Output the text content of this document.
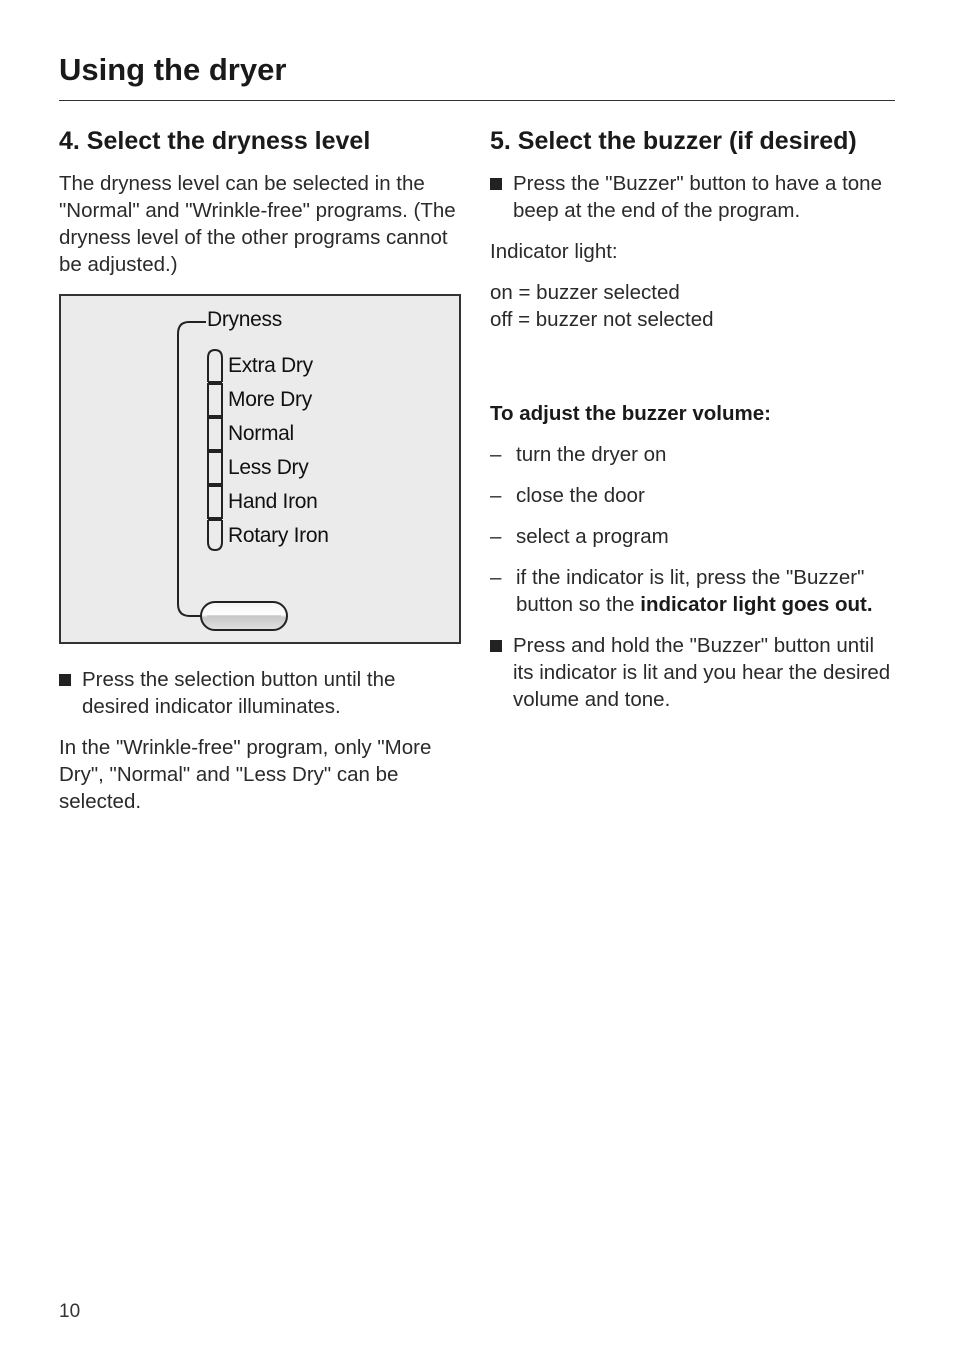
Using the dryer
4. Select the dryness level

The dryness level can be selected in the "Normal" and "Wrinkle-free" programs. (The dryness level of the other programs cannot be adjusted.)

Dryness
Extra Dry
More Dry
Normal
Less Dry
Hand Iron
Rotary Iron

Press the selection button until the desired indicator illuminates.

In the "Wrinkle-free" program, only "More Dry", "Normal" and "Less Dry" can be selected.

5. Select the buzzer (if desired)

Press the "Buzzer" button to have a tone beep at the end of the program.

Indicator light:

on = buzzer selected

off = buzzer not selected

To adjust the buzzer volume:

– turn the dryer on

– close the door

– select a program

– if the indicator is lit, press the "Buzzer" button so the indicator light goes out.

Press and hold the "Buzzer" button until its indicator is lit and you hear the desired volume and tone.

10
